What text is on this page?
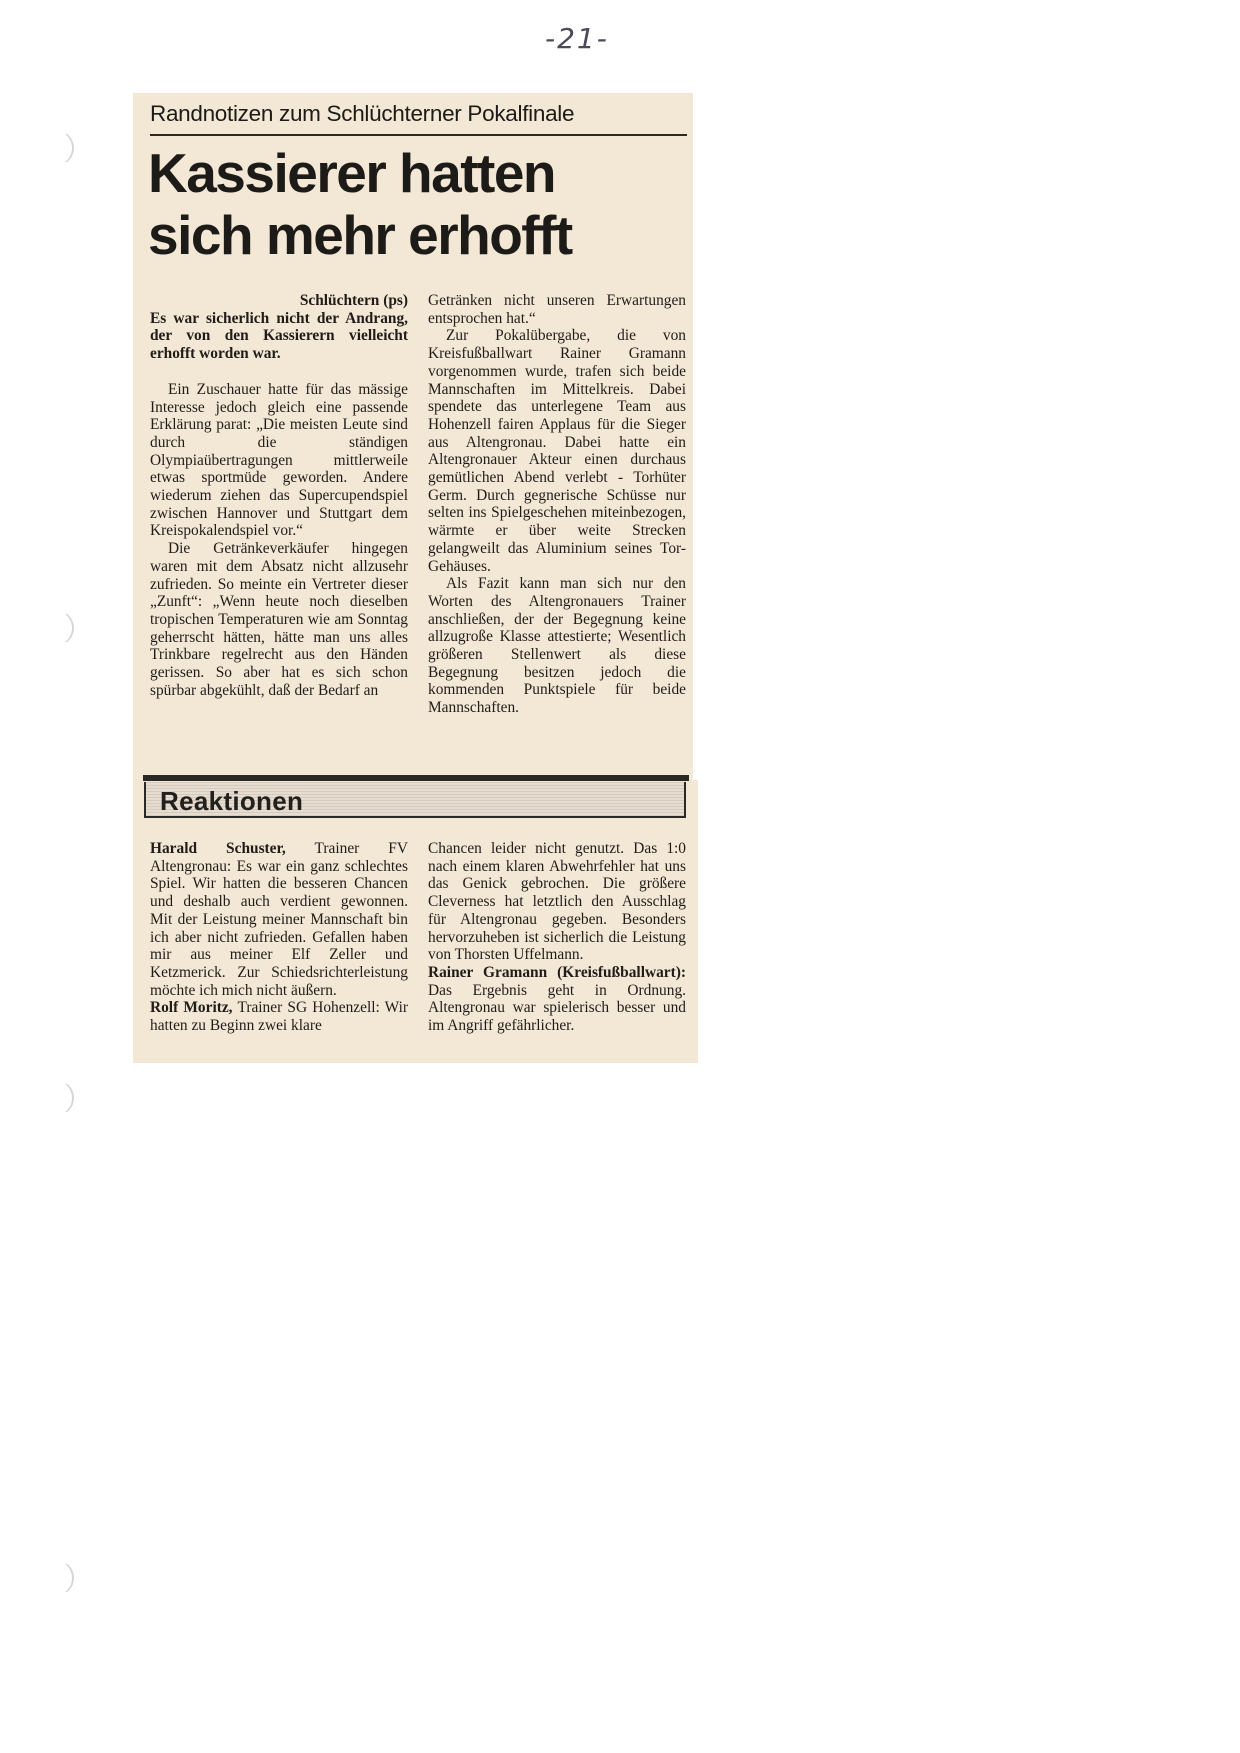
-21-
Randnotizen zum Schlüchterner Pokalfinale
Kassierer hatten
sich mehr erhofft
Schlüchtern (ps)

Es war sicherlich nicht der Andrang, der von den Kassierern vielleicht erhofft worden war.

Ein Zuschauer hatte für das mässige Interesse jedoch gleich eine passende Erklärung parat: „Die meisten Leute sind durch die ständigen Olympiaübertragungen mittlerweile etwas sportmüde geworden. Andere wiederum ziehen das Supercupendspiel zwischen Hannover und Stuttgart dem Kreispokalendspiel vor.“

Die Getränkeverkäufer hingegen waren mit dem Absatz nicht allzusehr zufrieden. So meinte ein Vertreter dieser „Zunft“: „Wenn heute noch dieselben tropischen Temperaturen wie am Sonntag geherrscht hätten, hätte man uns alles Trinkbare regelrecht aus den Händen gerissen. So aber hat es sich schon spürbar abgekühlt, daß der Bedarf an

Getränken nicht unseren Erwartungen entsprochen hat.“

Zur Pokalübergabe, die von Kreisfußballwart Rainer Gramann vorgenommen wurde, trafen sich beide Mannschaften im Mittelkreis. Dabei spendete das unterlegene Team aus Hohenzell fairen Applaus für die Sieger aus Altengronau. Dabei hatte ein Altengronauer Akteur einen durchaus gemütlichen Abend verlebt - Torhüter Germ. Durch gegnerische Schüsse nur selten ins Spielgeschehen miteinbezogen, wärmte er über weite Strecken gelangweilt das Aluminium seines Tor-Gehäuses.

Als Fazit kann man sich nur den Worten des Altengronauers Trainer anschließen, der der Begegnung keine allzugroße Klasse attestierte; Wesentlich größeren Stellenwert als diese Begegnung besitzen jedoch die kommenden Punktspiele für beide Mannschaften.

Reaktionen

Harald Schuster, Trainer FV Altengronau: Es war ein ganz schlechtes Spiel. Wir hatten die besseren Chancen und deshalb auch verdient gewonnen. Mit der Leistung meiner Mannschaft bin ich aber nicht zufrieden. Gefallen haben mir aus meiner Elf Zeller und Ketzmerick. Zur Schiedsrichterleistung möchte ich mich nicht äußern.

Rolf Moritz, Trainer SG Hohenzell: Wir hatten zu Beginn zwei klare

Chancen leider nicht genutzt. Das 1:0 nach einem klaren Abwehrfehler hat uns das Genick gebrochen. Die größere Cleverness hat letztlich den Ausschlag für Altengronau gegeben. Besonders hervorzuheben ist sicherlich die Leistung von Thorsten Uffelmann.

Rainer Gramann (Kreisfußballwart): Das Ergebnis geht in Ordnung. Altengronau war spielerisch besser und im Angriff gefährlicher.
